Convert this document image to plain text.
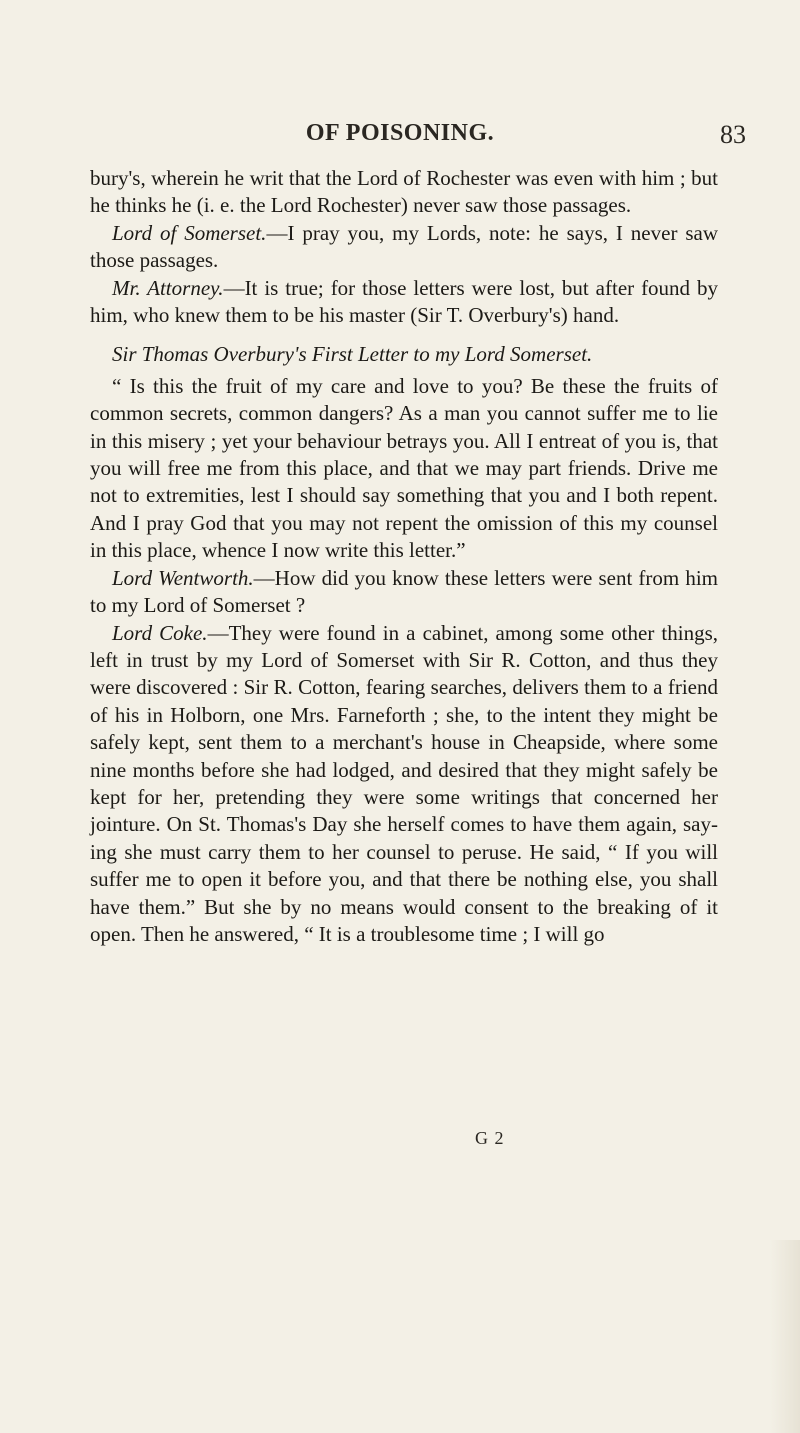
OF POISONING.	83

bury's, wherein he writ that the Lord of Rochester was even with him ; but he thinks he (i. e. the Lord Rochester) never saw those passages.

Lord of Somerset.—I pray you, my Lords, note: he says, I never saw those passages.

Mr. Attorney.—It is true; for those letters were lost, but after found by him, who knew them to be his master (Sir T. Overbury's) hand.

Sir Thomas Overbury's First Letter to my Lord Somerset.

“ Is this the fruit of my care and love to you? Be these the fruits of common secrets, common dangers? As a man you cannot suffer me to lie in this misery ; yet your behaviour betrays you. All I entreat of you is, that you will free me from this place, and that we may part friends. Drive me not to extremities, lest I should say something that you and I both repent. And I pray God that you may not repent the omission of this my counsel in this place, whence I now write this letter.”

Lord Wentworth.—How did you know these letters were sent from him to my Lord of Somerset ?

Lord Coke.—They were found in a cabinet, among some other things, left in trust by my Lord of Somerset with Sir R. Cotton, and thus they were discovered : Sir R. Cotton, fearing searches, delivers them to a friend of his in Holborn, one Mrs. Farneforth ; she, to the intent they might be safely kept, sent them to a merchant's house in Cheapside, where some nine months before she had lodged, and desired that they might safely be kept for her, pretending they were some writings that concerned her jointure. On St. Thomas's Day she herself comes to have them again, say- ing she must carry them to her counsel to peruse. He said, “ If you will suffer me to open it before you, and that there be nothing else, you shall have them.” But she by no means would consent to the breaking of it open. Then he answered, “ It is a troublesome time ; I will go

G 2
